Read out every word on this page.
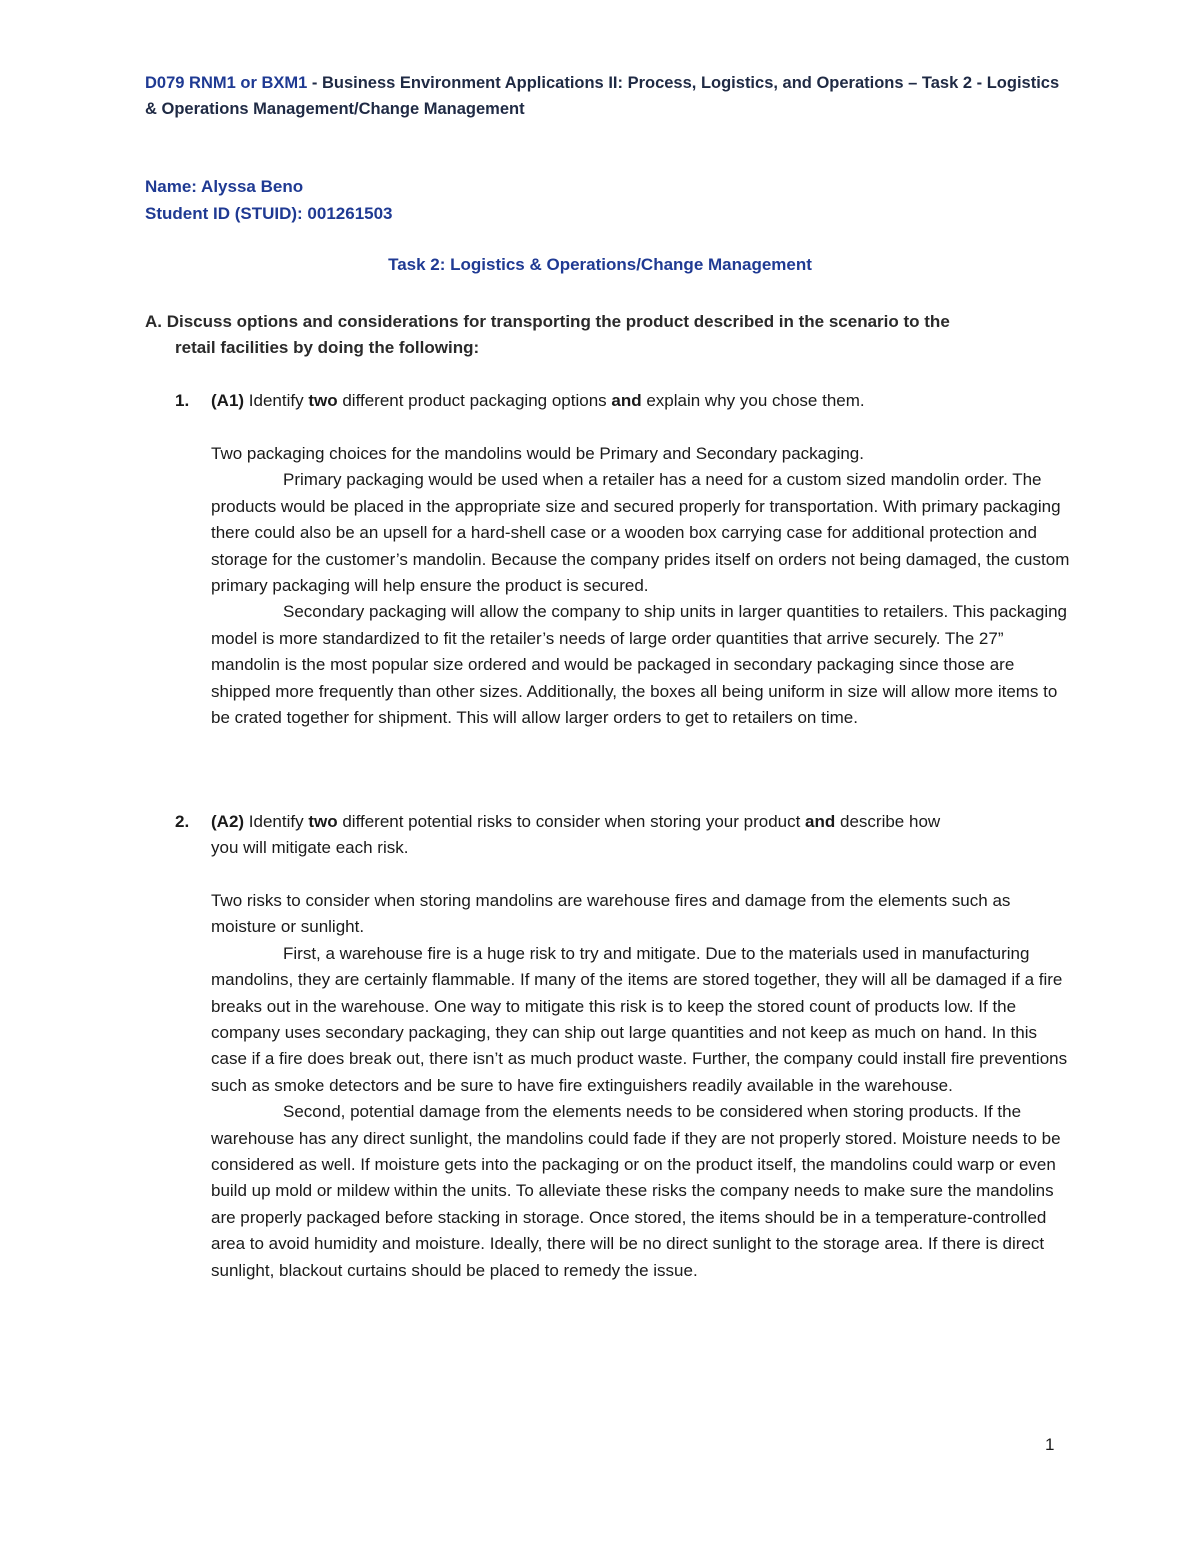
D079 RNM1 or BXM1 - Business Environment Applications II: Process, Logistics, and Operations – Task 2 - Logistics & Operations Management/Change Management
Name: Alyssa Beno
Student ID (STUID): 001261503
Task 2: Logistics & Operations/Change Management
A. Discuss options and considerations for transporting the product described in the scenario to the
retail facilities by doing the following:
1. (A1) Identify two different product packaging options and explain why you chose them.

Two packaging choices for the mandolins would be Primary and Secondary packaging.

Primary packaging would be used when a retailer has a need for a custom sized mandolin order. The products would be placed in the appropriate size and secured properly for transportation. With primary packaging there could also be an upsell for a hard-shell case or a wooden box carrying case for additional protection and storage for the customer’s mandolin. Because the company prides itself on orders not being damaged, the custom primary packaging will help ensure the product is secured.

Secondary packaging will allow the company to ship units in larger quantities to retailers. This packaging model is more standardized to fit the retailer’s needs of large order quantities that arrive securely. The 27” mandolin is the most popular size ordered and would be packaged in secondary packaging since those are shipped more frequently than other sizes. Additionally, the boxes all being uniform in size will allow more items to be crated together for shipment. This will allow larger orders to get to retailers on time.

2. (A2) Identify two different potential risks to consider when storing your product and describe how
you will mitigate each risk.

Two risks to consider when storing mandolins are warehouse fires and damage from the elements such as moisture or sunlight.

First, a warehouse fire is a huge risk to try and mitigate. Due to the materials used in manufacturing mandolins, they are certainly flammable. If many of the items are stored together, they will all be damaged if a fire breaks out in the warehouse. One way to mitigate this risk is to keep the stored count of products low. If the company uses secondary packaging, they can ship out large quantities and not keep as much on hand. In this case if a fire does break out, there isn’t as much product waste. Further, the company could install fire preventions such as smoke detectors and be sure to have fire extinguishers readily available in the warehouse.

Second, potential damage from the elements needs to be considered when storing products. If the warehouse has any direct sunlight, the mandolins could fade if they are not properly stored. Moisture needs to be considered as well. If moisture gets into the packaging or on the product itself, the mandolins could warp or even build up mold or mildew within the units. To alleviate these risks the company needs to make sure the mandolins are properly packaged before stacking in storage. Once stored, the items should be in a temperature-controlled area to avoid humidity and moisture. Ideally, there will be no direct sunlight to the storage area. If there is direct sunlight, blackout curtains should be placed to remedy the issue.

1
